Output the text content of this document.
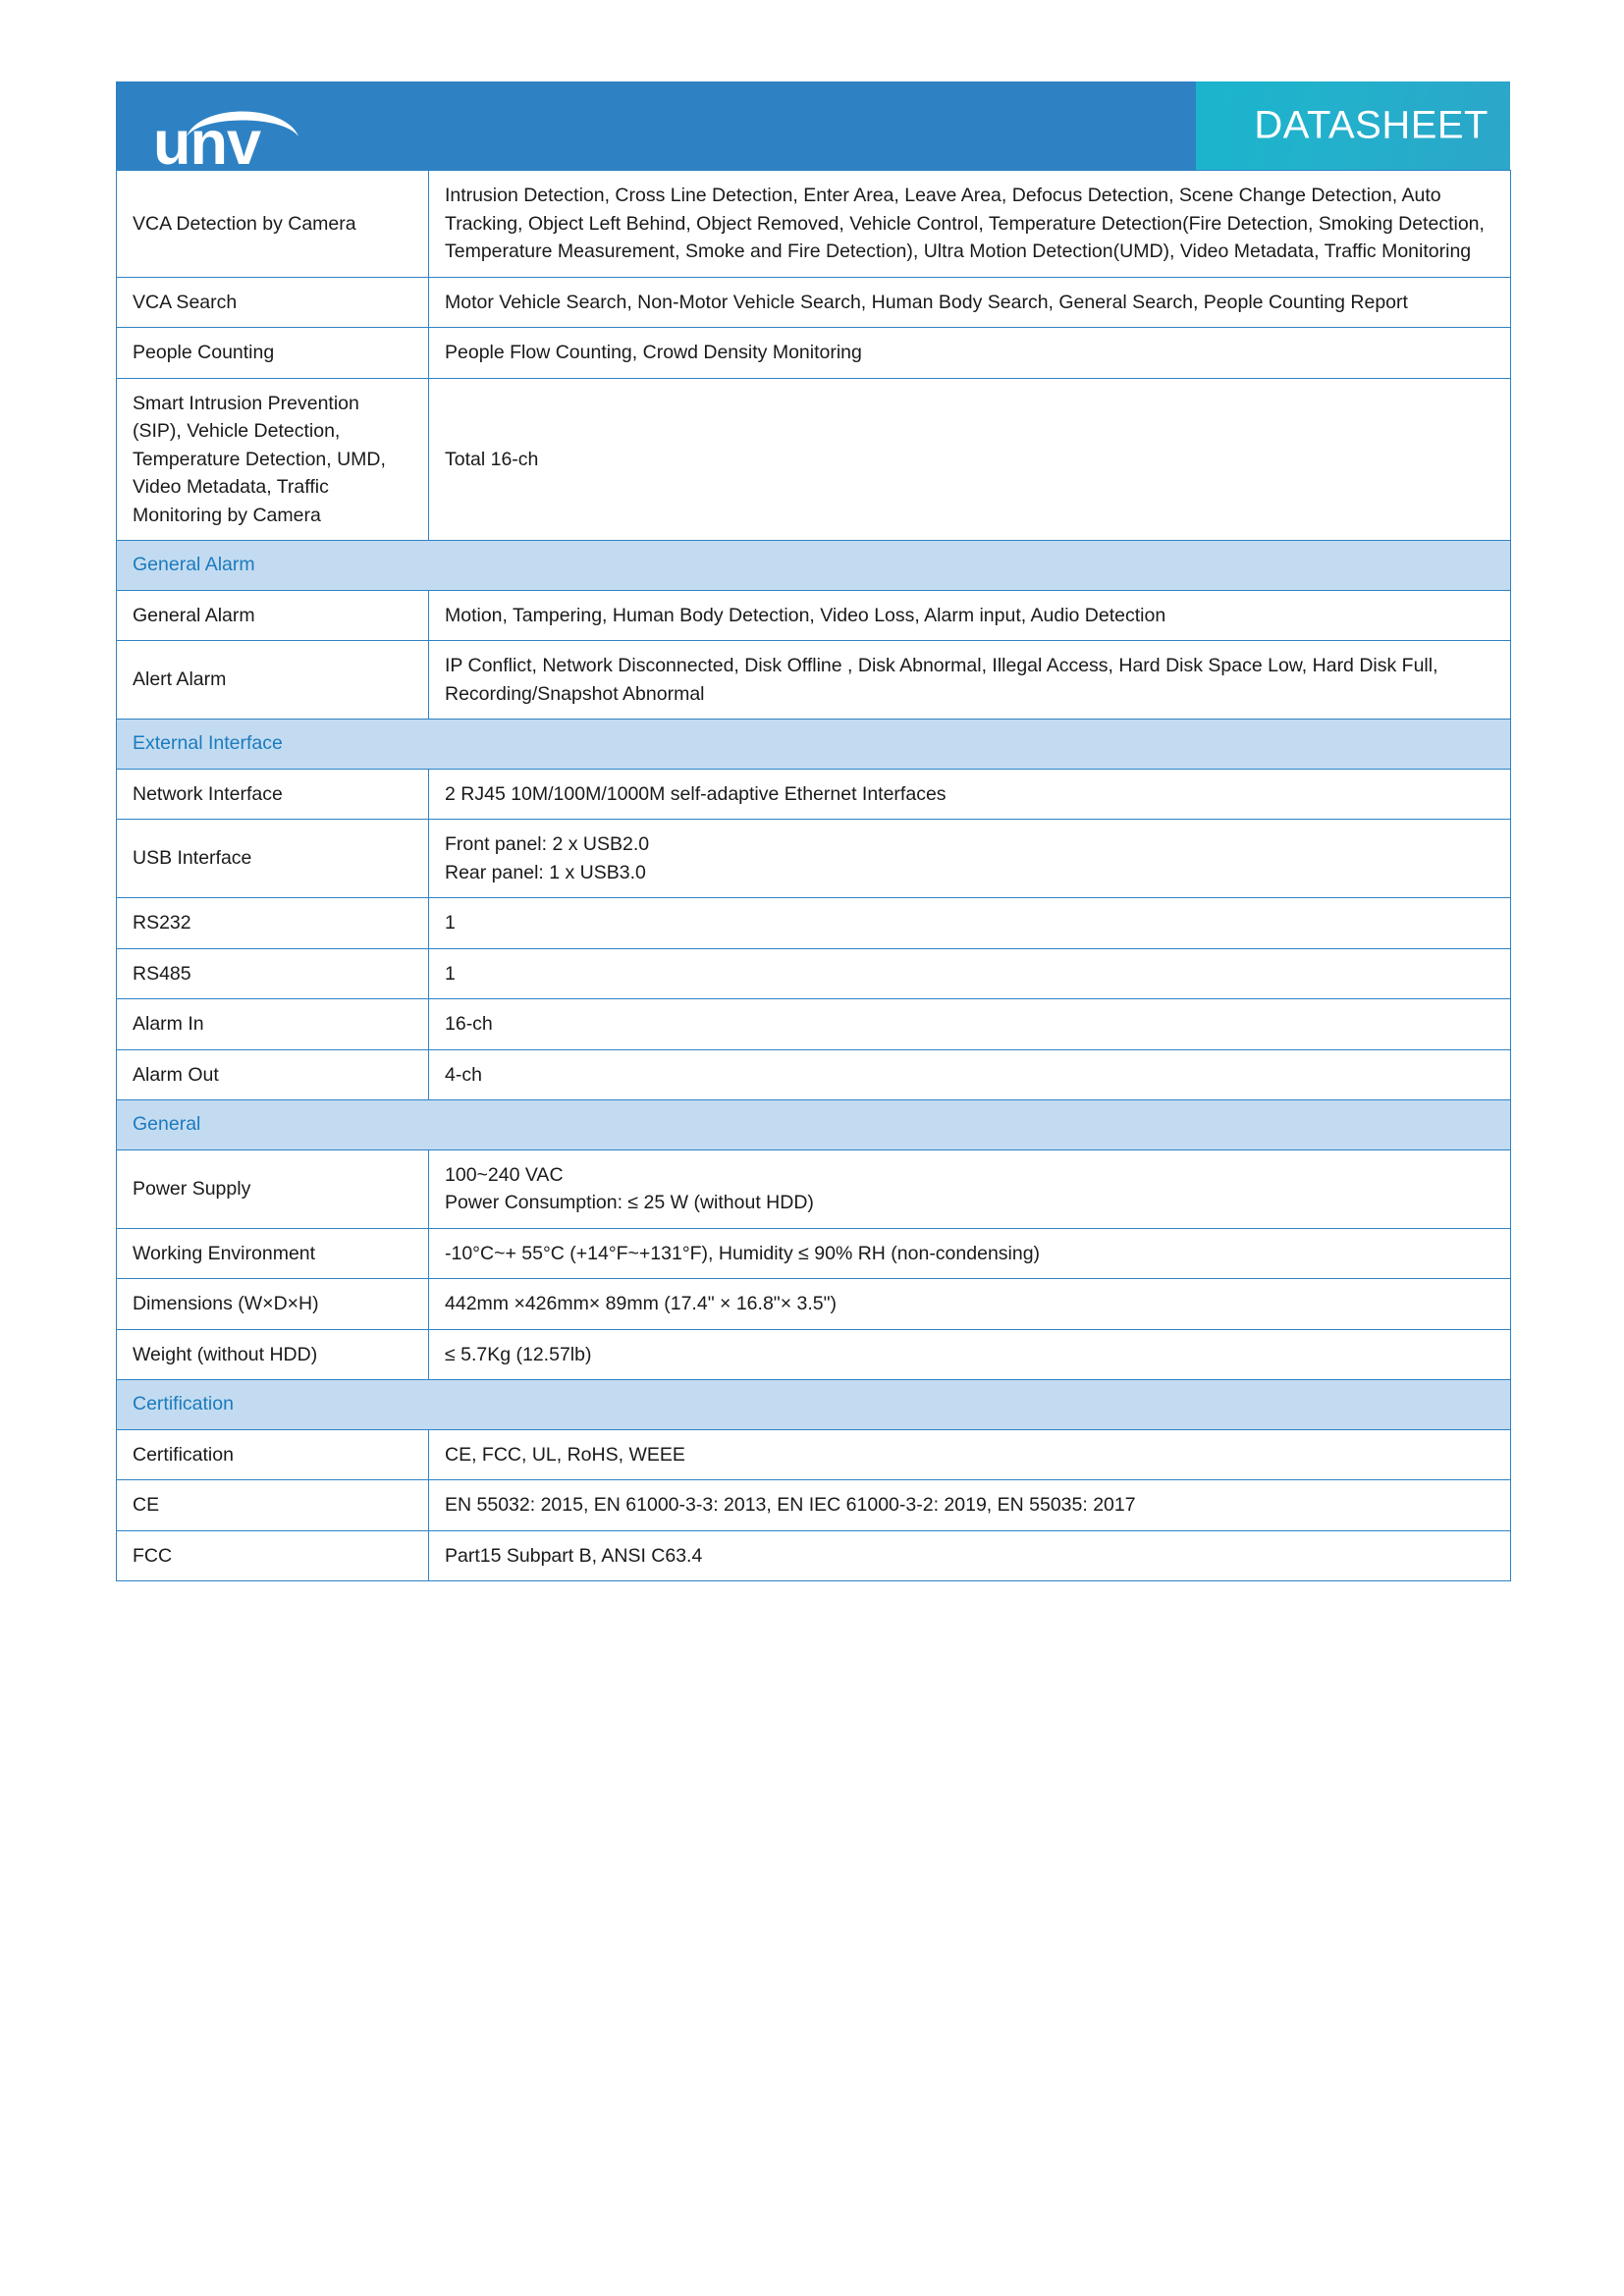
unv	DATASHEET
VCA Detection by Camera	Intrusion Detection, Cross Line Detection, Enter Area, Leave Area, Defocus Detection, Scene Change Detection, Auto Tracking, Object Left Behind, Object Removed, Vehicle Control, Temperature Detection(Fire Detection, Smoking Detection, Temperature Measurement, Smoke and Fire Detection), Ultra Motion Detection(UMD), Video Metadata, Traffic Monitoring

VCA Search	Motor Vehicle Search, Non-Motor Vehicle Search, Human Body Search, General Search, People Counting Report

People Counting	People Flow Counting, Crowd Density Monitoring

Smart Intrusion Prevention (SIP), Vehicle Detection, Temperature Detection, UMD, Video Metadata, Traffic Monitoring by Camera	Total 16-ch

General Alarm	
General Alarm	Motion, Tampering, Human Body Detection, Video Loss, Alarm input, Audio Detection

Alert Alarm	IP Conflict, Network Disconnected, Disk Offline , Disk Abnormal, Illegal Access, Hard Disk Space Low, Hard Disk Full, Recording/Snapshot Abnormal

External Interface	
Network Interface	2 RJ45 10M/100M/1000M self-adaptive Ethernet Interfaces

USB Interface	Front panel: 2 x USB2.0
Rear panel: 1 x USB3.0

RS232	1

RS485	1

Alarm In	16-ch

Alarm Out	4-ch

General	
Power Supply	100~240 VAC
Power Consumption: ≤ 25 W (without HDD)

Working Environment	-10°C~+ 55°C (+14°F~+131°F), Humidity ≤ 90% RH (non-condensing)

Dimensions (W×D×H)	442mm ×426mm× 89mm (17.4" × 16.8"× 3.5")

Weight (without HDD)	≤ 5.7Kg (12.57lb)

Certification	
Certification	CE, FCC, UL, RoHS, WEEE

CE	EN 55032: 2015, EN 61000-3-3: 2013, EN IEC 61000-3-2: 2019, EN 55035: 2017

FCC	Part15 Subpart B, ANSI C63.4
